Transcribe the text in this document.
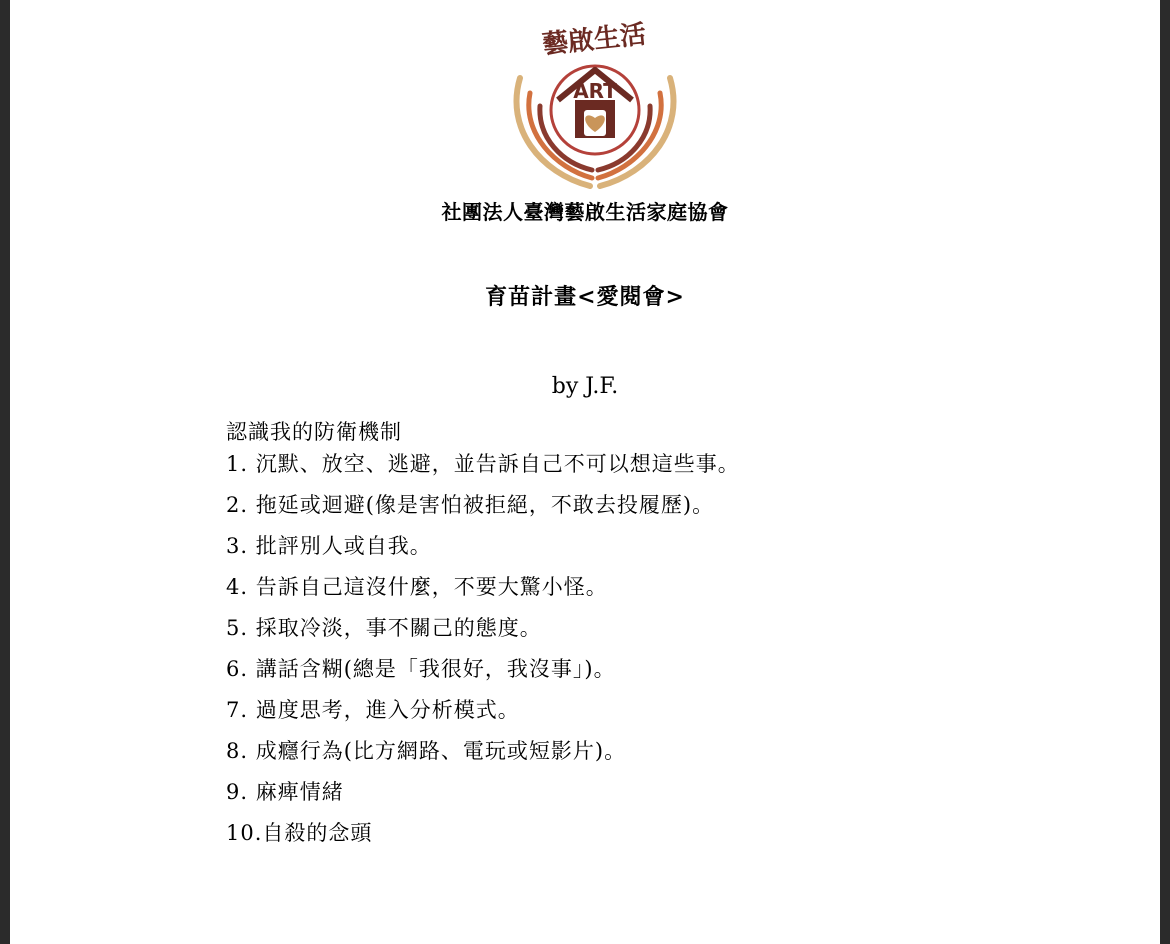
ART
藝啟生活
社團法人臺灣藝啟生活家庭協會
育苗計畫<愛閱會>
by J.F.
認識我的防衛機制
1. 沉默、放空、逃避，並告訴自己不可以想這些事。
2. 拖延或迴避(像是害怕被拒絕，不敢去投履歷)。
3. 批評別人或自我。
4. 告訴自己這沒什麼，不要大驚小怪。
5. 採取冷淡，事不關己的態度。
6. 講話含糊(總是「我很好，我沒事」)。
7. 過度思考，進入分析模式。
8. 成癮行為(比方網路、電玩或短影片)。
9. 麻痺情緒
10.自殺的念頭
